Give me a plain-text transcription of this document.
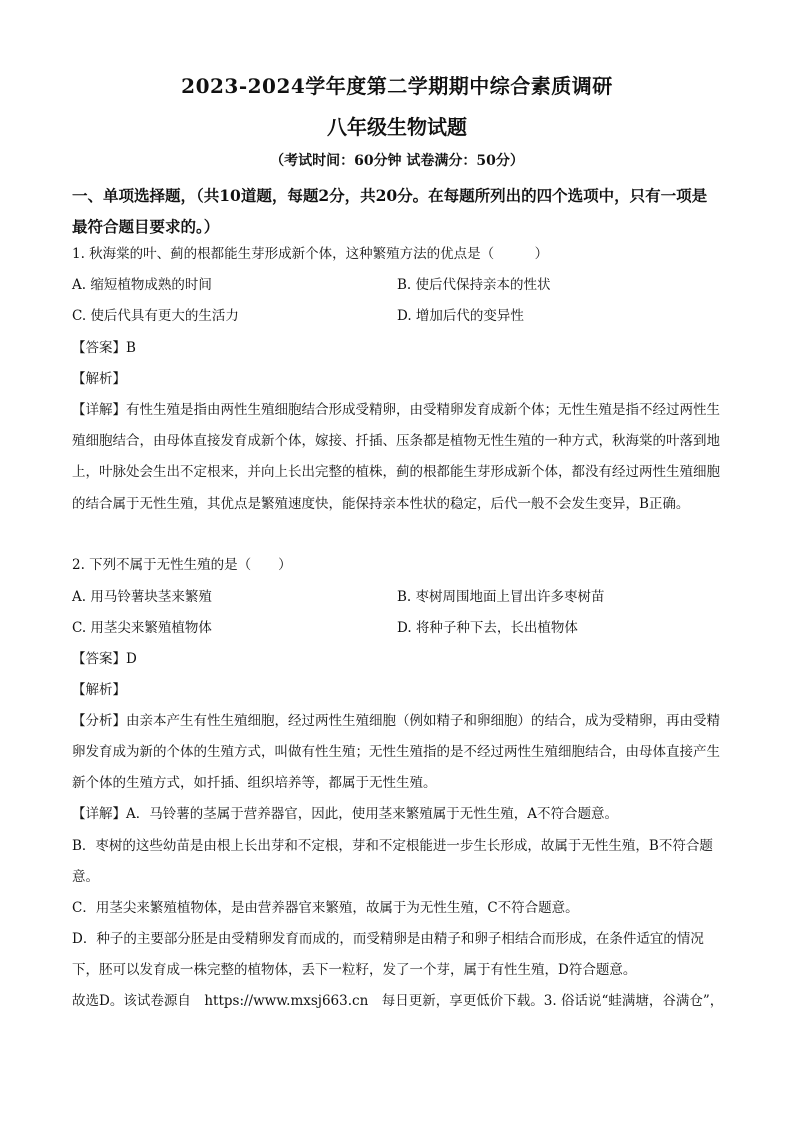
2023-2024学年度第二学期期中综合素质调研
八年级生物试题
（考试时间：60分钟 试卷满分：50分）
一、单项选择题，（共10道题，每题2分，共20分。在每题所列出的四个选项中，只有一项是最符合题目要求的。）
1. 秋海棠的叶、蓟的根都能生芽形成新个体，这种繁殖方法的优点是（　　　）
A. 缩短植物成熟的时间	B. 使后代保持亲本的性状
C. 使后代具有更大的生活力	D. 增加后代的变异性
【答案】B
【解析】
【详解】有性生殖是指由两性生殖细胞结合形成受精卵，由受精卵发育成新个体；无性生殖是指不经过两性生殖细胞结合，由母体直接发育成新个体，嫁接、扦插、压条都是植物无性生殖的一种方式，秋海棠的叶落到地上，叶脉处会生出不定根来，并向上长出完整的植株，蓟的根都能生芽形成新个体，都没有经过两性生殖细胞的结合属于无性生殖，其优点是繁殖速度快，能保持亲本性状的稳定，后代一般不会发生变异，B正确。
2. 下列不属于无性生殖的是（　　）
A. 用马铃薯块茎来繁殖	B. 枣树周围地面上冒出许多枣树苗
C. 用茎尖来繁殖植物体	D. 将种子种下去，长出植物体
【答案】D
【解析】
【分析】由亲本产生有性生殖细胞，经过两性生殖细胞（例如精子和卵细胞）的结合，成为受精卵，再由受精卵发育成为新的个体的生殖方式，叫做有性生殖；无性生殖指的是不经过两性生殖细胞结合，由母体直接产生新个体的生殖方式，如扦插、组织培养等，都属于无性生殖。
【详解】A．马铃薯的茎属于营养器官，因此，使用茎来繁殖属于无性生殖，A不符合题意。
B．枣树的这些幼苗是由根上长出芽和不定根，芽和不定根能进一步生长形成，故属于无性生殖，B不符合题意。
C．用茎尖来繁殖植物体，是由营养器官来繁殖，故属于为无性生殖，C不符合题意。
D．种子的主要部分胚是由受精卵发育而成的，而受精卵是由精子和卵子相结合而形成，在条件适宜的情况下，胚可以发育成一株完整的植物体，丢下一粒籽，发了一个芽，属于有性生殖，D符合题意。
故选D。该试卷源自　https://www.mxsj663.cn　每日更新，享更低价下载。3. 俗话说“蛙满塘，谷满仓”，
